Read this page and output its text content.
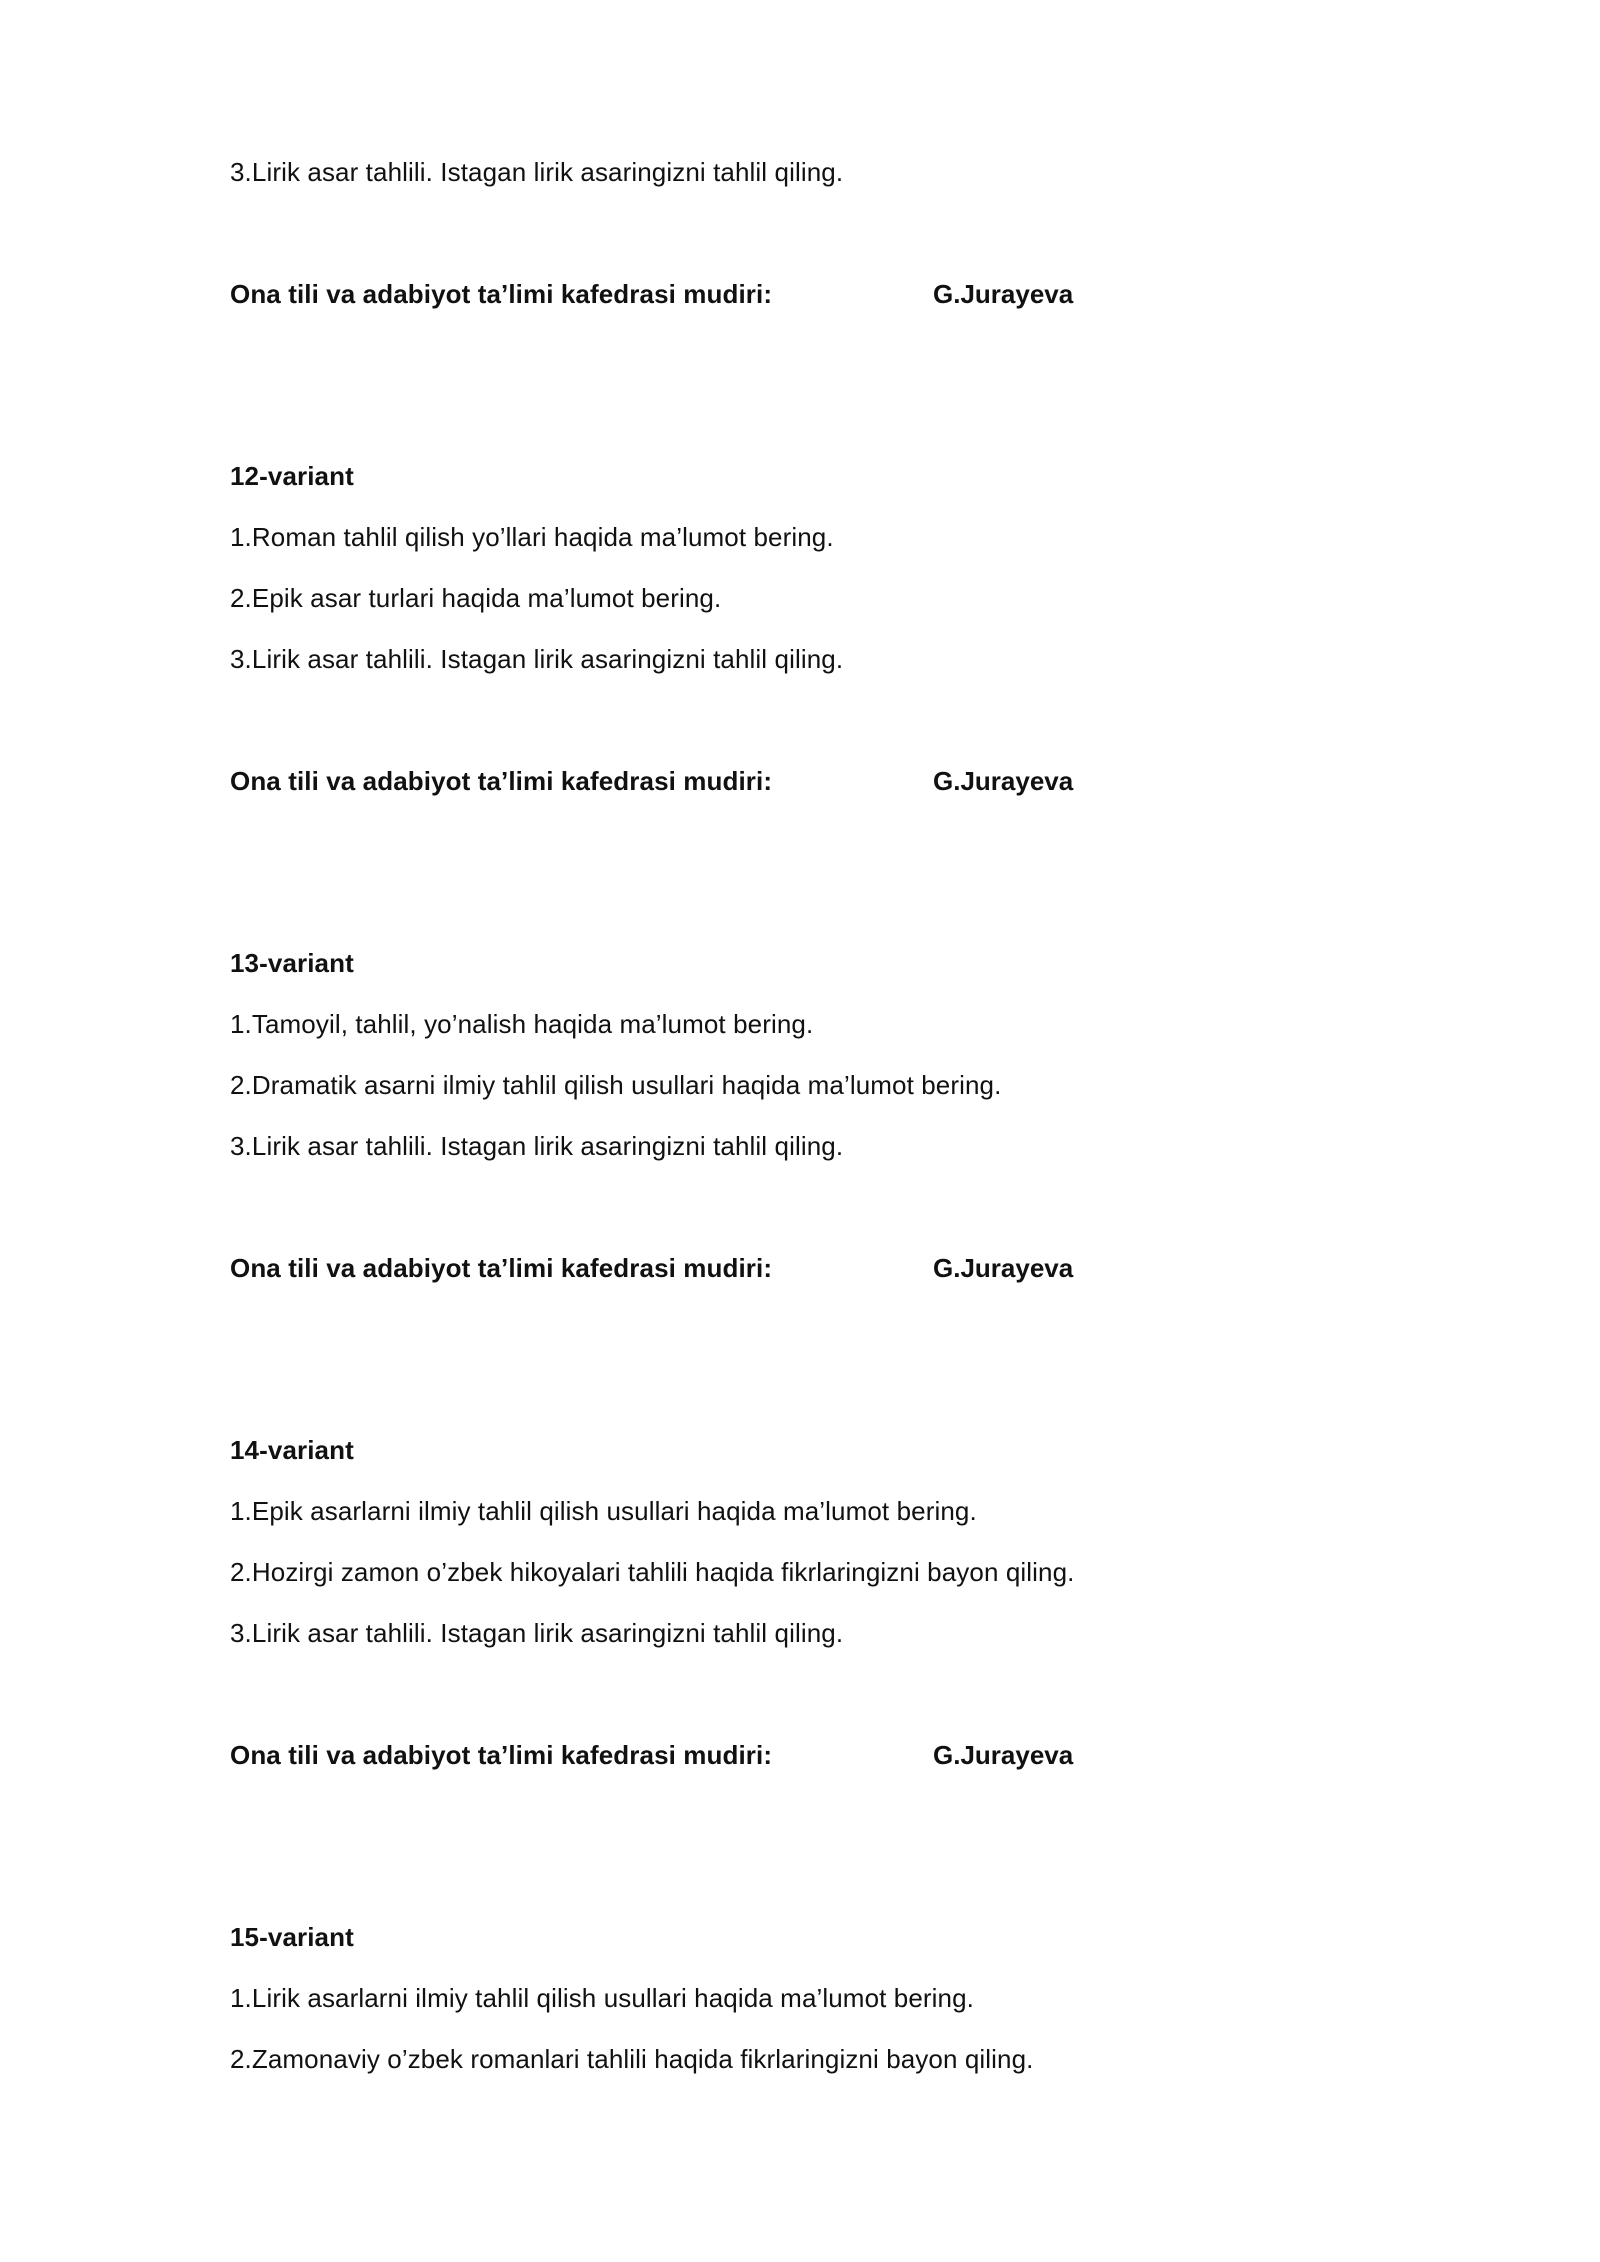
3.Lirik asar tahlili. Istagan lirik asaringizni tahlil qiling.
Ona tili va adabiyot ta’limi kafedrasi mudiri:	G.Jurayeva
12-variant
1.Roman tahlil qilish yo’llari haqida ma’lumot bering.
2.Epik asar turlari haqida ma’lumot bering.
3.Lirik asar tahlili. Istagan lirik asaringizni tahlil qiling.
Ona tili va adabiyot ta’limi kafedrasi mudiri:	G.Jurayeva
13-variant
1.Tamoyil, tahlil, yo’nalish haqida ma’lumot bering.
2.Dramatik asarni ilmiy tahlil qilish usullari haqida ma’lumot bering.
3.Lirik asar tahlili. Istagan lirik asaringizni tahlil qiling.
Ona tili va adabiyot ta’limi kafedrasi mudiri:	G.Jurayeva
14-variant
1.Epik asarlarni ilmiy tahlil qilish usullari haqida ma’lumot bering.
2.Hozirgi zamon o’zbek hikoyalari tahlili haqida fikrlaringizni bayon qiling.
3.Lirik asar tahlili. Istagan lirik asaringizni tahlil qiling.
Ona tili va adabiyot ta’limi kafedrasi mudiri:	G.Jurayeva
15-variant
1.Lirik asarlarni ilmiy tahlil qilish usullari haqida ma’lumot bering.
2.Zamonaviy o’zbek romanlari tahlili haqida fikrlaringizni bayon qiling.
